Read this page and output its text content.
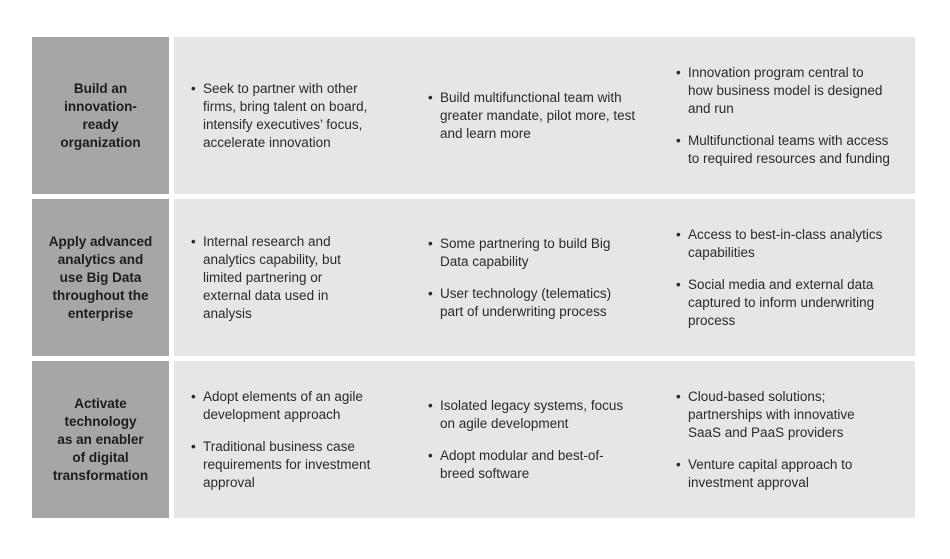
Build an
innovation-
ready
organization
• Seek to partner with other
firms, bring talent on board,
intensify executives’ focus,
accelerate innovation
• Build multifunctional team with
greater mandate, pilot more, test
and learn more
• Innovation program central to
how business model is designed
and run
• Multifunctional teams with access
to required resources and funding
Apply advanced
analytics and
use Big Data
throughout the
enterprise
• Internal research and
analytics capability, but
limited partnering or
external data used in
analysis
• Some partnering to build Big
Data capability
• User technology (telematics)
part of underwriting process
• Access to best-in-class analytics
capabilities
• Social media and external data
captured to inform underwriting
process
Activate
technology
as an enabler
of digital
transformation
• Adopt elements of an agile
development approach
• Traditional business case
requirements for investment
approval
• Isolated legacy systems, focus
on agile development
• Adopt modular and best-of-
breed software
• Cloud-based solutions;
partnerships with innovative
SaaS and PaaS providers
• Venture capital approach to
investment approval
